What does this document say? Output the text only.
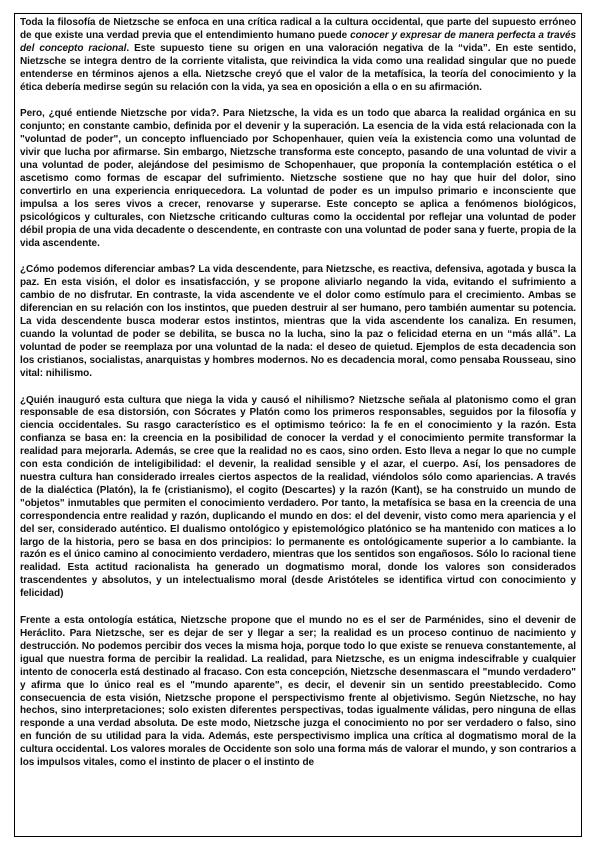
Toda la filosofía de Nietzsche se enfoca en una crítica radical a la cultura occidental, que parte del supuesto erróneo de que existe una verdad previa que el entendimiento humano puede conocer y expresar de manera perfecta a través del concepto racional. Este supuesto tiene su origen en una valoración negativa de la “vida”. En este sentido, Nietzsche se integra dentro de la corriente vitalista, que reivindica la vida como una realidad singular que no puede entenderse en términos ajenos a ella. Nietzsche creyó que el valor de la metafísica, la teoría del conocimiento y la ética debería medirse según su relación con la vida, ya sea en oposición a ella o en su afirmación.

Pero, ¿qué entiende Nietzsche por vida?. Para Nietzsche, la vida es un todo que abarca la realidad orgánica en su conjunto; en constante cambio, definida por el devenir y la superación. La esencia de la vida está relacionada con la "voluntad de poder", un concepto influenciado por Schopenhauer, quien veía la existencia como una voluntad de vivir que lucha por afirmarse. Sin embargo, Nietzsche transforma este concepto, pasando de una voluntad de vivir a una voluntad de poder, alejándose del pesimismo de Schopenhauer, que proponía la contemplación estética o el ascetismo como formas de escapar del sufrimiento. Nietzsche sostiene que no hay que huir del dolor, sino convertirlo en una experiencia enriquecedora. La voluntad de poder es un impulso primario e inconsciente que impulsa a los seres vivos a crecer, renovarse y superarse. Este concepto se aplica a fenómenos biológicos, psicológicos y culturales, con Nietzsche criticando culturas como la occidental por reflejar una voluntad de poder débil propia de una vida decadente o descendente, en contraste con una voluntad de poder sana y fuerte, propia de la vida ascendente.

¿Cómo podemos diferenciar ambas? La vida descendente, para Nietzsche, es reactiva, defensiva, agotada y busca la paz. En esta visión, el dolor es insatisfacción, y se propone aliviarlo negando la vida, evitando el sufrimiento a cambio de no disfrutar. En contraste, la vida ascendente ve el dolor como estímulo para el crecimiento. Ambas se diferencian en su relación con los instintos, que pueden destruir al ser humano, pero también aumentar su potencia. La vida descendente busca moderar estos instintos, mientras que la vida ascendente los canaliza. En resumen, cuando la voluntad de poder se debilita, se busca no la lucha, sino la paz o felicidad eterna en un “más allá”. La voluntad de poder se reemplaza por una voluntad de la nada: el deseo de quietud. Ejemplos de esta decadencia son los cristianos, socialistas, anarquistas y hombres modernos. No es decadencia moral, como pensaba Rousseau, sino vital: nihilismo.

¿Quién inauguró esta cultura que niega la vida y causó el nihilismo? Nietzsche señala al platonismo como el gran responsable de esa distorsión, con Sócrates y Platón como los primeros responsables, seguidos por la filosofía y ciencia occidentales. Su rasgo característico es el optimismo teórico: la fe en el conocimiento y la razón. Esta confianza se basa en: la creencia en la posibilidad de conocer la verdad y el conocimiento permite transformar la realidad para mejorarla. Además, se cree que la realidad no es caos, sino orden. Esto lleva a negar lo que no cumple con esta condición de inteligibilidad: el devenir, la realidad sensible y el azar, el cuerpo. Así, los pensadores de nuestra cultura han considerado irreales ciertos aspectos de la realidad, viéndolos sólo como apariencias. A través de la dialéctica (Platón), la fe (cristianismo), el cogito (Descartes) y la razón (Kant), se ha construido un mundo de "objetos" inmutables que permiten el conocimiento verdadero. Por tanto, la metafísica se basa en la creencia de una correspondencia entre realidad y razón, duplicando el mundo en dos: el del devenir, visto como mera apariencia y el del ser, considerado auténtico. El dualismo ontológico y epistemológico platónico se ha mantenido con matices a lo largo de la historia, pero se basa en dos principios: lo permanente es ontológicamente superior a lo cambiante. la razón es el único camino al conocimiento verdadero, mientras que los sentidos son engañosos. Sólo lo racional tiene realidad. Esta actitud racionalista ha generado un dogmatismo moral, donde los valores son considerados trascendentes y absolutos, y un intelectualismo moral (desde Aristóteles se identifica virtud con conocimiento y felicidad)

Frente a esta ontología estática, Nietzsche propone que el mundo no es el ser de Parménides, sino el devenir de Heráclito. Para Nietzsche, ser es dejar de ser y llegar a ser; la realidad es un proceso continuo de nacimiento y destrucción. No podemos percibir dos veces la misma hoja, porque todo lo que existe se renueva constantemente, al igual que nuestra forma de percibir la realidad. La realidad, para Nietzsche, es un enigma indescifrable y cualquier intento de conocerla está destinado al fracaso. Con esta concepción, Nietzsche desenmascara el "mundo verdadero" y afirma que lo único real es el "mundo aparente", es decir, el devenir sin un sentido preestablecido. Como consecuencia de esta visión, Nietzsche propone el perspectivismo frente al objetivismo. Según Nietzsche, no hay hechos, sino interpretaciones; solo existen diferentes perspectivas, todas igualmente válidas, pero ninguna de ellas responde a una verdad absoluta. De este modo, Nietzsche juzga el conocimiento no por ser verdadero o falso, sino en función de su utilidad para la vida. Además, este perspectivismo implica una crítica al dogmatismo moral de la cultura occidental. Los valores morales de Occidente son solo una forma más de valorar el mundo, y son contrarios a los impulsos vitales, como el instinto de placer o el instinto de
